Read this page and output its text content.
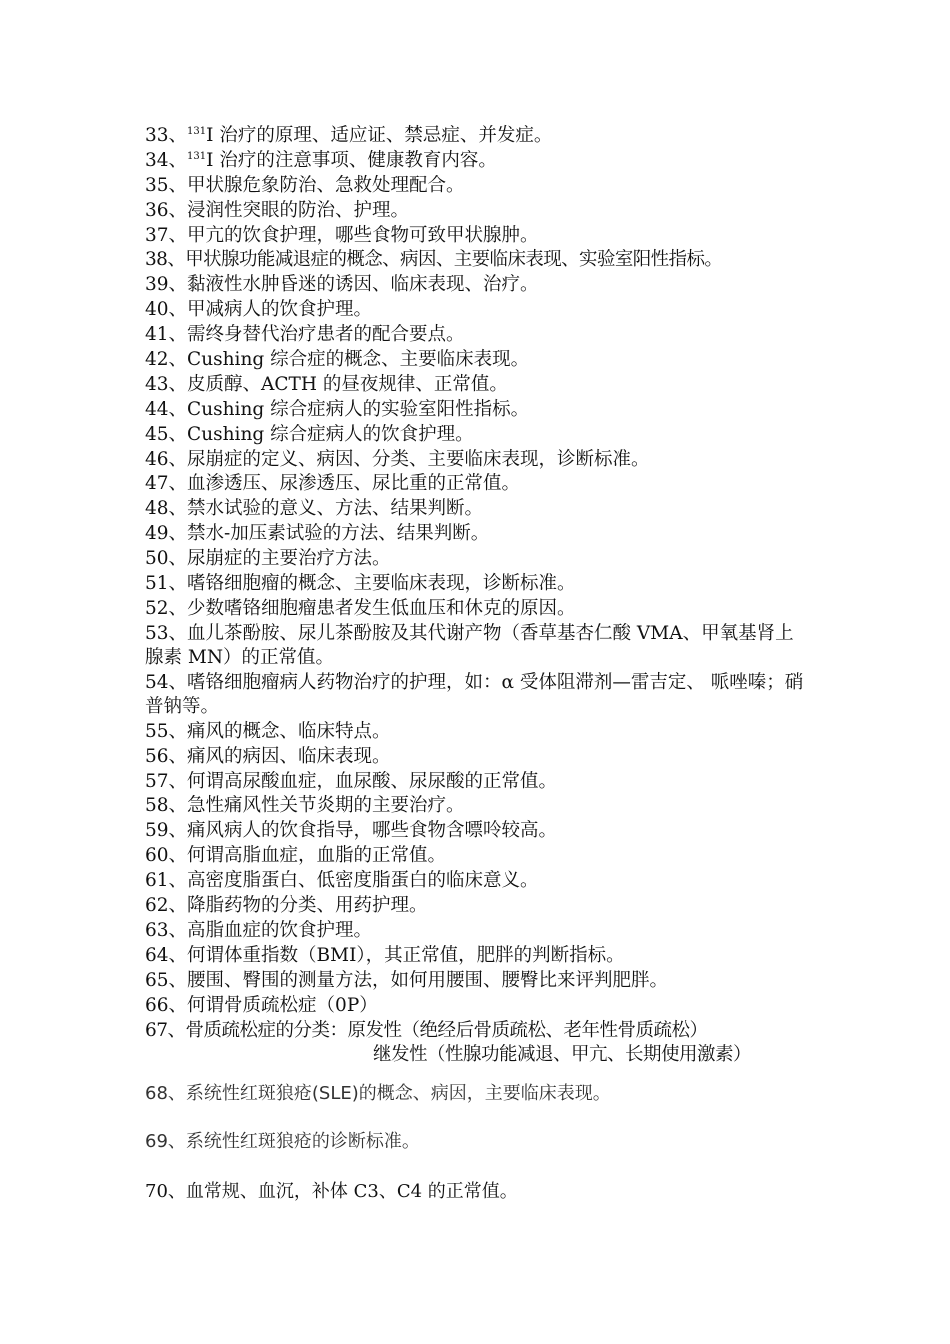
33、$^{131}$I 治疗的原理、适应证、禁忌症、并发症。
34、$^{131}$I 治疗的注意事项、健康教育内容。
35、甲状腺危象防治、急救处理配合。
36、浸润性突眼的防治、护理。
37、甲亢的饮食护理，哪些食物可致甲状腺肿。
38、甲状腺功能减退症的概念、病因、主要临床表现、实验室阳性指标。
39、黏液性水肿昏迷的诱因、临床表现、治疗。
40、甲减病人的饮食护理。
41、需终身替代治疗患者的配合要点。
42、Cushing 综合症的概念、主要临床表现。
43、皮质醇、ACTH 的昼夜规律、正常值。
44、Cushing 综合症病人的实验室阳性指标。
45、Cushing 综合症病人的饮食护理。
46、尿崩症的定义、病因、分类、主要临床表现，诊断标准。
47、血渗透压、尿渗透压、尿比重的正常值。
48、禁水试验的意义、方法、结果判断。
49、禁水-加压素试验的方法、结果判断。
50、尿崩症的主要治疗方法。
51、嗜铬细胞瘤的概念、主要临床表现，诊断标准。
52、少数嗜铬细胞瘤患者发生低血压和休克的原因。
53、血儿茶酚胺、尿儿茶酚胺及其代谢产物（香草基杏仁酸 VMA、甲氧基肾上腺素 MN）的正常值。
54、嗜铬细胞瘤病人药物治疗的护理，如：α 受体阻滞剂—雷吉定、 哌唑嗪；硝普钠等。
55、痛风的概念、临床特点。
56、痛风的病因、临床表现。
57、何谓高尿酸血症，血尿酸、尿尿酸的正常值。
58、急性痛风性关节炎期的主要治疗。
59、痛风病人的饮食指导，哪些食物含嘌呤较高。
60、何谓高脂血症，血脂的正常值。
61、高密度脂蛋白、低密度脂蛋白的临床意义。
62、降脂药物的分类、用药护理。
63、高脂血症的饮食护理。
64、何谓体重指数（BMI），其正常值，肥胖的判断指标。
65、腰围、臀围的测量方法，如何用腰围、腰臀比来评判肥胖。
66、何谓骨质疏松症（0P）
67、骨质疏松症的分类：原发性（绝经后骨质疏松、老年性骨质疏松）
继发性（性腺功能减退、甲亢、长期使用激素）
68、系统性红斑狼疮(SLE)的概念、病因，主要临床表现。
69、系统性红斑狼疮的诊断标准。
70、血常规、血沉，补体 C3、C4 的正常值。
